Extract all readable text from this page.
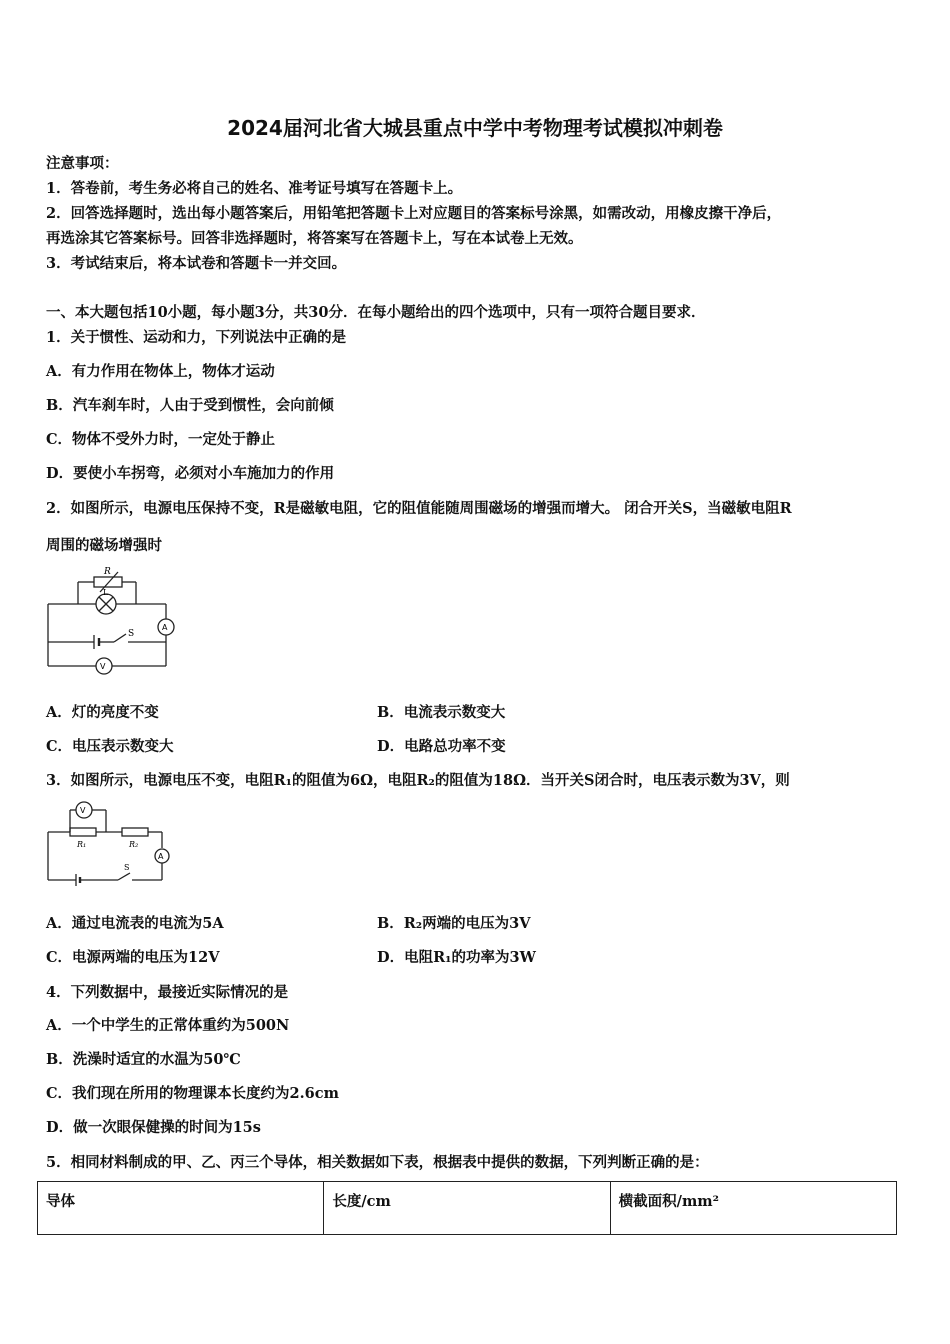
2024届河北省大城县重点中学中考物理考试模拟冲刺卷
注意事项：
1．答卷前，考生务必将自己的姓名、准考证号填写在答题卡上。
2．回答选择题时，选出每小题答案后，用铅笔把答题卡上对应题目的答案标号涂黑，如需改动，用橡皮擦干净后，
再选涂其它答案标号。回答非选择题时，将答案写在答题卡上，写在本试卷上无效。
3．考试结束后，将本试卷和答题卡一并交回。
一、本大题包括10小题，每小题3分，共30分．在每小题给出的四个选项中，只有一项符合题目要求．
1．关于惯性、运动和力，下列说法中正确的是
A．有力作用在物体上，物体才运动
B．汽车刹车时，人由于受到惯性，会向前倾
C．物体不受外力时，一定处于静止
D．要使小车拐弯，必须对小车施加力的作用
2．如图所示，电源电压保持不变，R是磁敏电阻，它的阻值能随周围磁场的增强而增大。 闭合开关S，当磁敏电阻R
周围的磁场增强时
R
L
S
A
V
A．灯的亮度不变	B．电流表示数变大
C．电压表示数变大	D．电路总功率不变
3．如图所示，电源电压不变，电阻R₁的阻值为6Ω，电阻R₂的阻值为18Ω．当开关S闭合时，电压表示数为3V，则
V
R₁	R₂
A
S
A．通过电流表的电流为5A	B．R₂两端的电压为3V
C．电源两端的电压为12V	D．电阻R₁的功率为3W
4．下列数据中，最接近实际情况的是
A．一个中学生的正常体重约为500N
B．洗澡时适宜的水温为50℃
C．我们现在所用的物理课本长度约为2.6cm
D．做一次眼保健操的时间为15s
5．相同材料制成的甲、乙、丙三个导体，相关数据如下表，根据表中提供的数据，下列判断正确的是：
导体	长度/cm	横截面积/mm²
